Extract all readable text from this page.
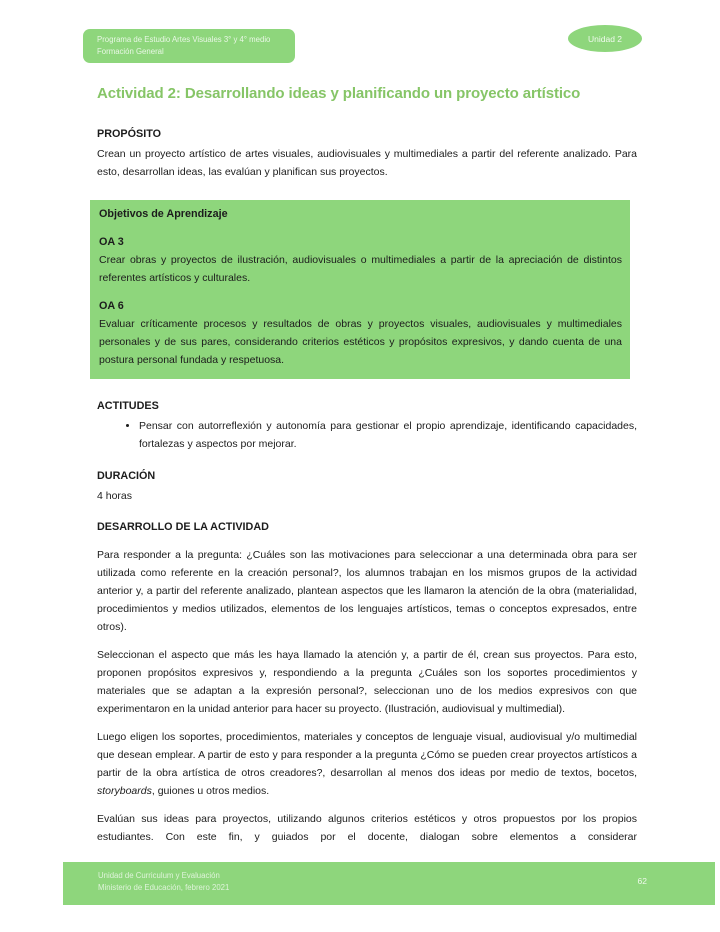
Programa de Estudio Artes Visuales 3° y 4° medio
Formación General
Unidad 2
Actividad 2: Desarrollando ideas y planificando un proyecto artístico
PROPÓSITO

Crean un proyecto artístico de artes visuales, audiovisuales y multimediales a partir del referente analizado. Para esto, desarrollan ideas, las evalúan y planifican sus proyectos.

Objetivos de Aprendizaje
OA 3

Crear obras y proyectos de ilustración, audiovisuales o multimediales a partir de la apreciación de distintos referentes artísticos y culturales.

OA 6

Evaluar críticamente procesos y resultados de obras y proyectos visuales, audiovisuales y multimediales personales y de sus pares, considerando criterios estéticos y propósitos expresivos, y dando cuenta de una postura personal fundada y respetuosa.

ACTITUDES
• Pensar con autorreflexión y autonomía para gestionar el propio aprendizaje, identificando capacidades, fortalezas y aspectos por mejorar.
DURACIÓN

4 horas

DESARROLLO DE LA ACTIVIDAD

Para responder a la pregunta: ¿Cuáles son las motivaciones para seleccionar a una determinada obra para ser utilizada como referente en la creación personal?, los alumnos trabajan en los mismos grupos de la actividad anterior y, a partir del referente analizado, plantean aspectos que les llamaron la atención de la obra (materialidad, procedimientos y medios utilizados, elementos de los lenguajes artísticos, temas o conceptos expresados, entre otros).

Seleccionan el aspecto que más les haya llamado la atención y, a partir de él, crean sus proyectos. Para esto, proponen propósitos expresivos y, respondiendo a la pregunta ¿Cuáles son los soportes procedimientos y materiales que se adaptan a la expresión personal?, seleccionan uno de los medios expresivos con que experimentaron en la unidad anterior para hacer su proyecto. (Ilustración, audiovisual y multimedial).

Luego eligen los soportes, procedimientos, materiales y conceptos de lenguaje visual, audiovisual y/o multimedial que desean emplear. A partir de esto y para responder a la pregunta ¿Cómo se pueden crear proyectos artísticos a partir de la obra artística de otros creadores?, desarrollan al menos dos ideas por medio de textos, bocetos, storyboards, guiones u otros medios.

Evalúan sus ideas para proyectos, utilizando algunos criterios estéticos y otros propuestos por los propios estudiantes. Con este fin, y guiados por el docente, dialogan sobre elementos a considerar

Unidad de Curriculum y Evaluación
Ministerio de Educación, febrero 2021
62
